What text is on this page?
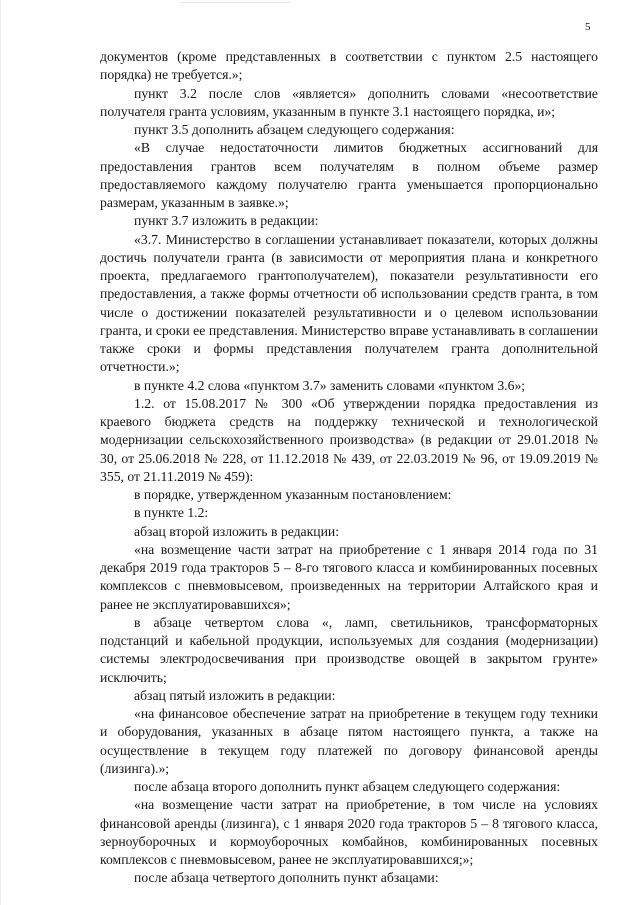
5

документов (кроме представленных в соответствии с пунктом 2.5 настоящего порядка) не требуется.»;

пункт 3.2 после слов «является» дополнить словами «несоответствие получателя гранта условиям, указанным в пункте 3.1 настоящего порядка, и»;

пункт 3.5 дополнить абзацем следующего содержания:

«В случае недостаточности лимитов бюджетных ассигнований для предоставления грантов всем получателям в полном объеме размер предоставляемого каждому получателю гранта уменьшается пропорционально размерам, указанным в заявке.»;

пункт 3.7 изложить в редакции:

«3.7. Министерство в соглашении устанавливает показатели, которых должны достичь получатели гранта (в зависимости от мероприятия плана и конкретного проекта, предлагаемого грантополучателем), показатели результативности его предоставления, а также формы отчетности об использовании средств гранта, в том числе о достижении показателей результативности и о целевом использовании гранта, и сроки ее представления. Министерство вправе устанавливать в соглашении также сроки и формы представления получателем гранта дополнительной отчетности.»;

в пункте 4.2 слова «пунктом 3.7» заменить словами «пунктом 3.6»;

1.2. от 15.08.2017 № 300 «Об утверждении порядка предоставления из краевого бюджета средств на поддержку технической и технологической модернизации сельскохозяйственного производства» (в редакции от 29.01.2018 № 30, от 25.06.2018 № 228, от 11.12.2018 № 439, от 22.03.2019 № 96, от 19.09.2019 № 355, от 21.11.2019 № 459):

в порядке, утвержденном указанным постановлением:

в пункте 1.2:

абзац второй изложить в редакции:

«на возмещение части затрат на приобретение с 1 января 2014 года по 31 декабря 2019 года тракторов 5 – 8-го тягового класса и комбинированных посевных комплексов с пневмовысевом, произведенных на территории Алтайского края и ранее не эксплуатировавшихся»;

в абзаце четвертом слова «, ламп, светильников, трансформаторных подстанций и кабельной продукции, используемых для создания (модернизации) системы электродосвечивания при производстве овощей в закрытом грунте» исключить;

абзац пятый изложить в редакции:

«на финансовое обеспечение затрат на приобретение в текущем году техники и оборудования, указанных в абзаце пятом настоящего пункта, а также на осуществление в текущем году платежей по договору финансовой аренды (лизинга).»;

после абзаца второго дополнить пункт абзацем следующего содержания:

«на возмещение части затрат на приобретение, в том числе на условиях финансовой аренды (лизинга), с 1 января 2020 года тракторов 5 – 8 тягового класса, зерноуборочных и кормоуборочных комбайнов, комбинированных посевных комплексов с пневмовысевом, ранее не эксплуатировавшихся;»;

после абзаца четвертого дополнить пункт абзацами:
